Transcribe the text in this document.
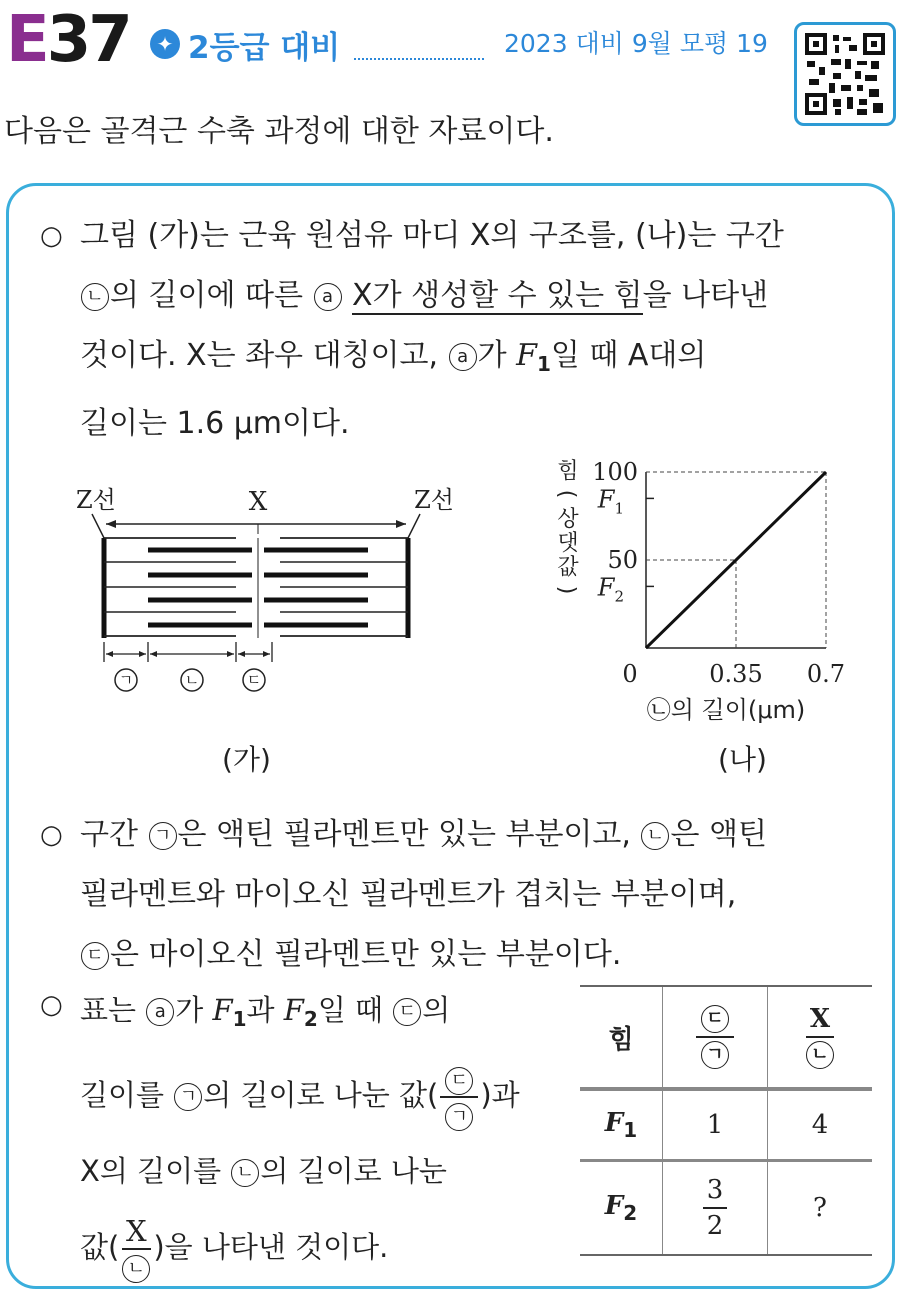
E37	✦ 2등급 대비	2023 대비 9월 모평 19
다음은 골격근 수축 과정에 대한 자료이다.
○ 그림 (가)는 근육 원섬유 마디 X의 구조를, (나)는 구간
ㄴ 의 길이에 따른 a X가 생성할 수 있는 힘을 나타낸
것이다. X는 좌우 대칭이고, a 가 $F_1$일 때 A대의
길이는 1.6 μm이다.
Z선	X	Z선
ㄱ	ㄴ	ㄷ
(가)
힘
(
상
댓
값
)
50
100
$F_1$
$F_2$
0	0.35 0.7
㉡의 길이(μm)
(나)
○ 구간 ㄱ 은 액틴 필라멘트만 있는 부분이고, ㄴ 은 액틴
필라멘트와 마이오신 필라멘트가 겹치는 부분이며,
ㄷ 은 마이오신 필라멘트만 있는 부분이다.
○ 표는 a 가 $F_1$과 $F_2$일 때 ㄷ 의
길이를 ㄱ 의 길이로 나눈 값( $\frac{\text{ㄷ}}{\text{ㄱ}}$ )과
X의 길이를 ㄴ 의 길이로 나눈
값( $\frac{X}{\text{ㄴ}}$ )을 나타낸 것이다.
힘	$\frac{\text{ㄷ}}{\text{ㄱ}}$	$\frac{X}{\text{ㄴ}}$

$F_1$	1	4
$F_2$	$\frac{3}{2}$	?
